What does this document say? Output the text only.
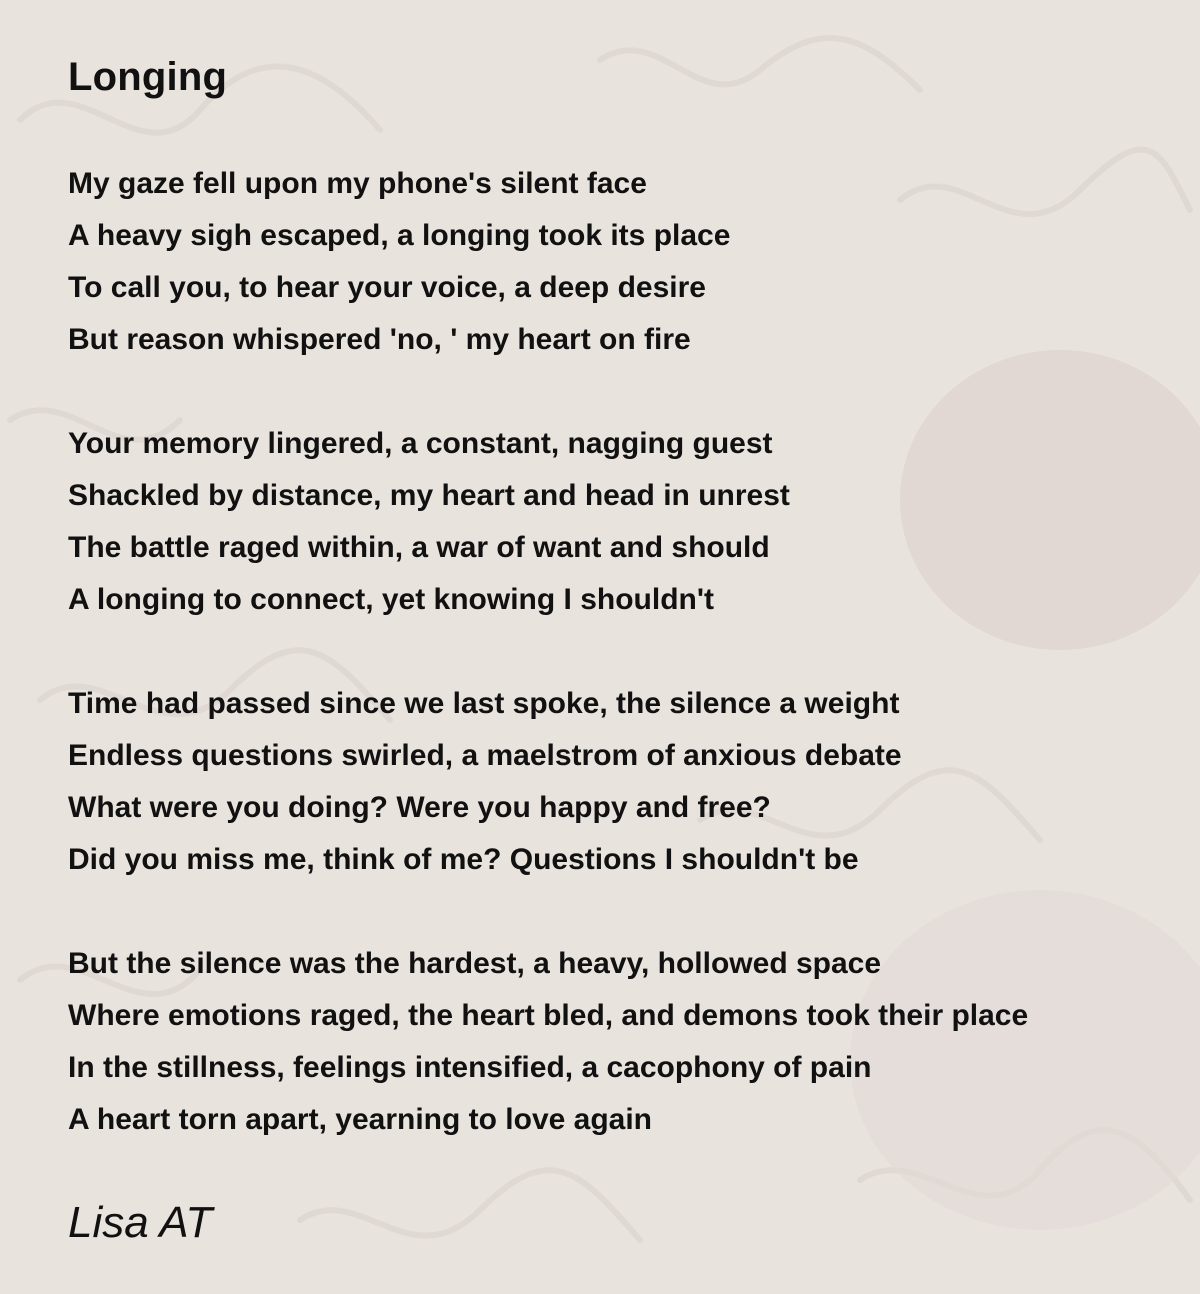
Longing
My gaze fell upon my phone's silent face
A heavy sigh escaped, a longing took its place
To call you, to hear your voice, a deep desire
But reason whispered 'no, ' my heart on fire
Your memory lingered, a constant, nagging guest
Shackled by distance, my heart and head in unrest
The battle raged within, a war of want and should
A longing to connect, yet knowing I shouldn't
Time had passed since we last spoke, the silence a weight
Endless questions swirled, a maelstrom of anxious debate
What were you doing? Were you happy and free?
Did you miss me, think of me? Questions I shouldn't be
But the silence was the hardest, a heavy, hollowed space
Where emotions raged, the heart bled, and demons took their place
In the stillness, feelings intensified, a cacophony of pain
A heart torn apart, yearning to love again
Lisa AT
